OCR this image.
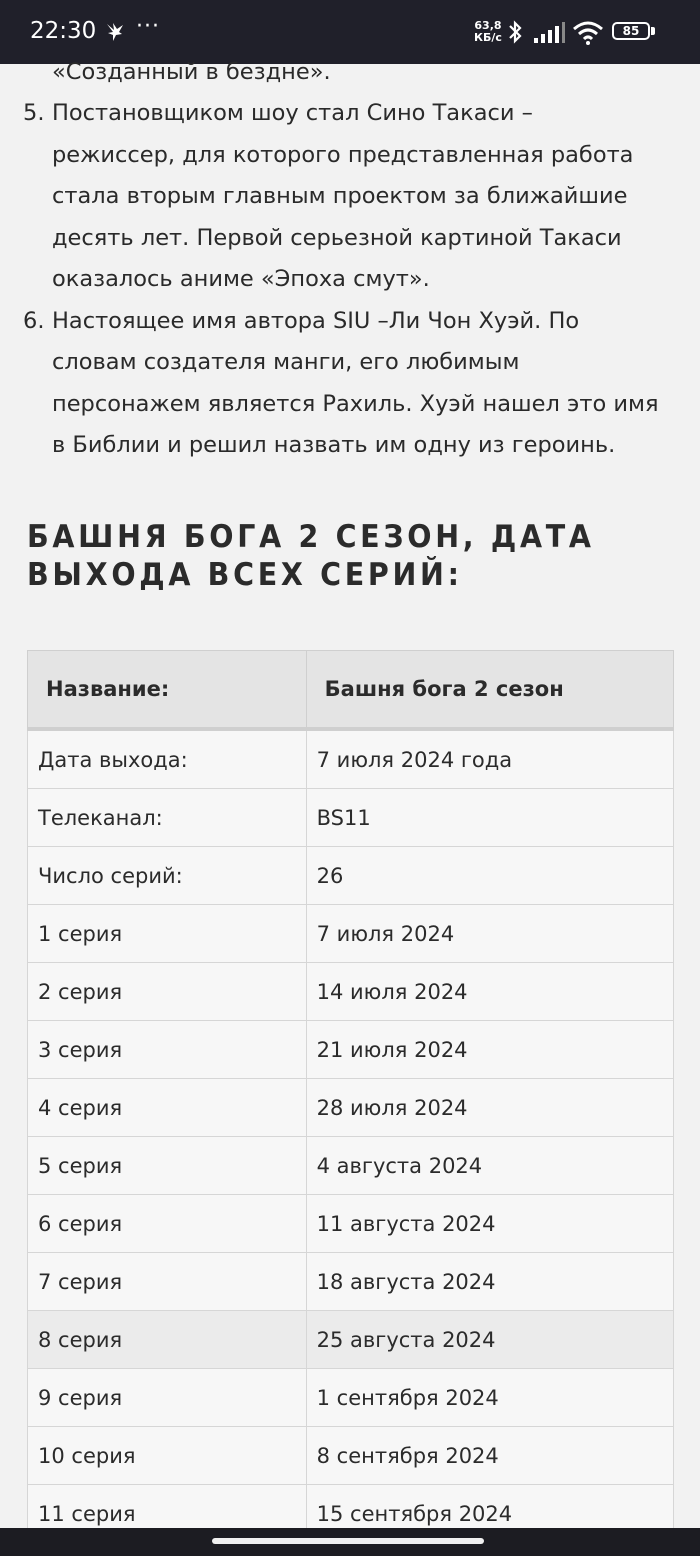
22:30 ···	63,8
КБ/с	85
«Созданный в бездне».
5. Постановщиком шоу стал Сино Такаси –
режиссер, для которого представленная работа
стала вторым главным проектом за ближайшие
десять лет. Первой серьезной картиной Такаси
оказалось аниме «Эпоха смут».
6. Настоящее имя автора SIU –Ли Чон Хуэй. По
словам создателя манги, его любимым
персонажем является Рахиль. Хуэй нашел это имя
в Библии и решил назвать им одну из героинь.
БАШНЯ БОГА 2 СЕЗОН, ДАТА ВЫХОДА ВСЕХ СЕРИЙ:
Название:	Башня бога 2 сезон
Дата выхода:	7 июля 2024 года
Телеканал:	BS11
Число серий:	26
1 серия	7 июля 2024
2 серия	14 июля 2024
3 серия	21 июля 2024
4 серия	28 июля 2024
5 серия	4 августа 2024
6 серия	11 августа 2024
7 серия	18 августа 2024
8 серия	25 августа 2024
9 серия	1 сентября 2024
10 серия	8 сентября 2024
11 серия	15 сентября 2024
